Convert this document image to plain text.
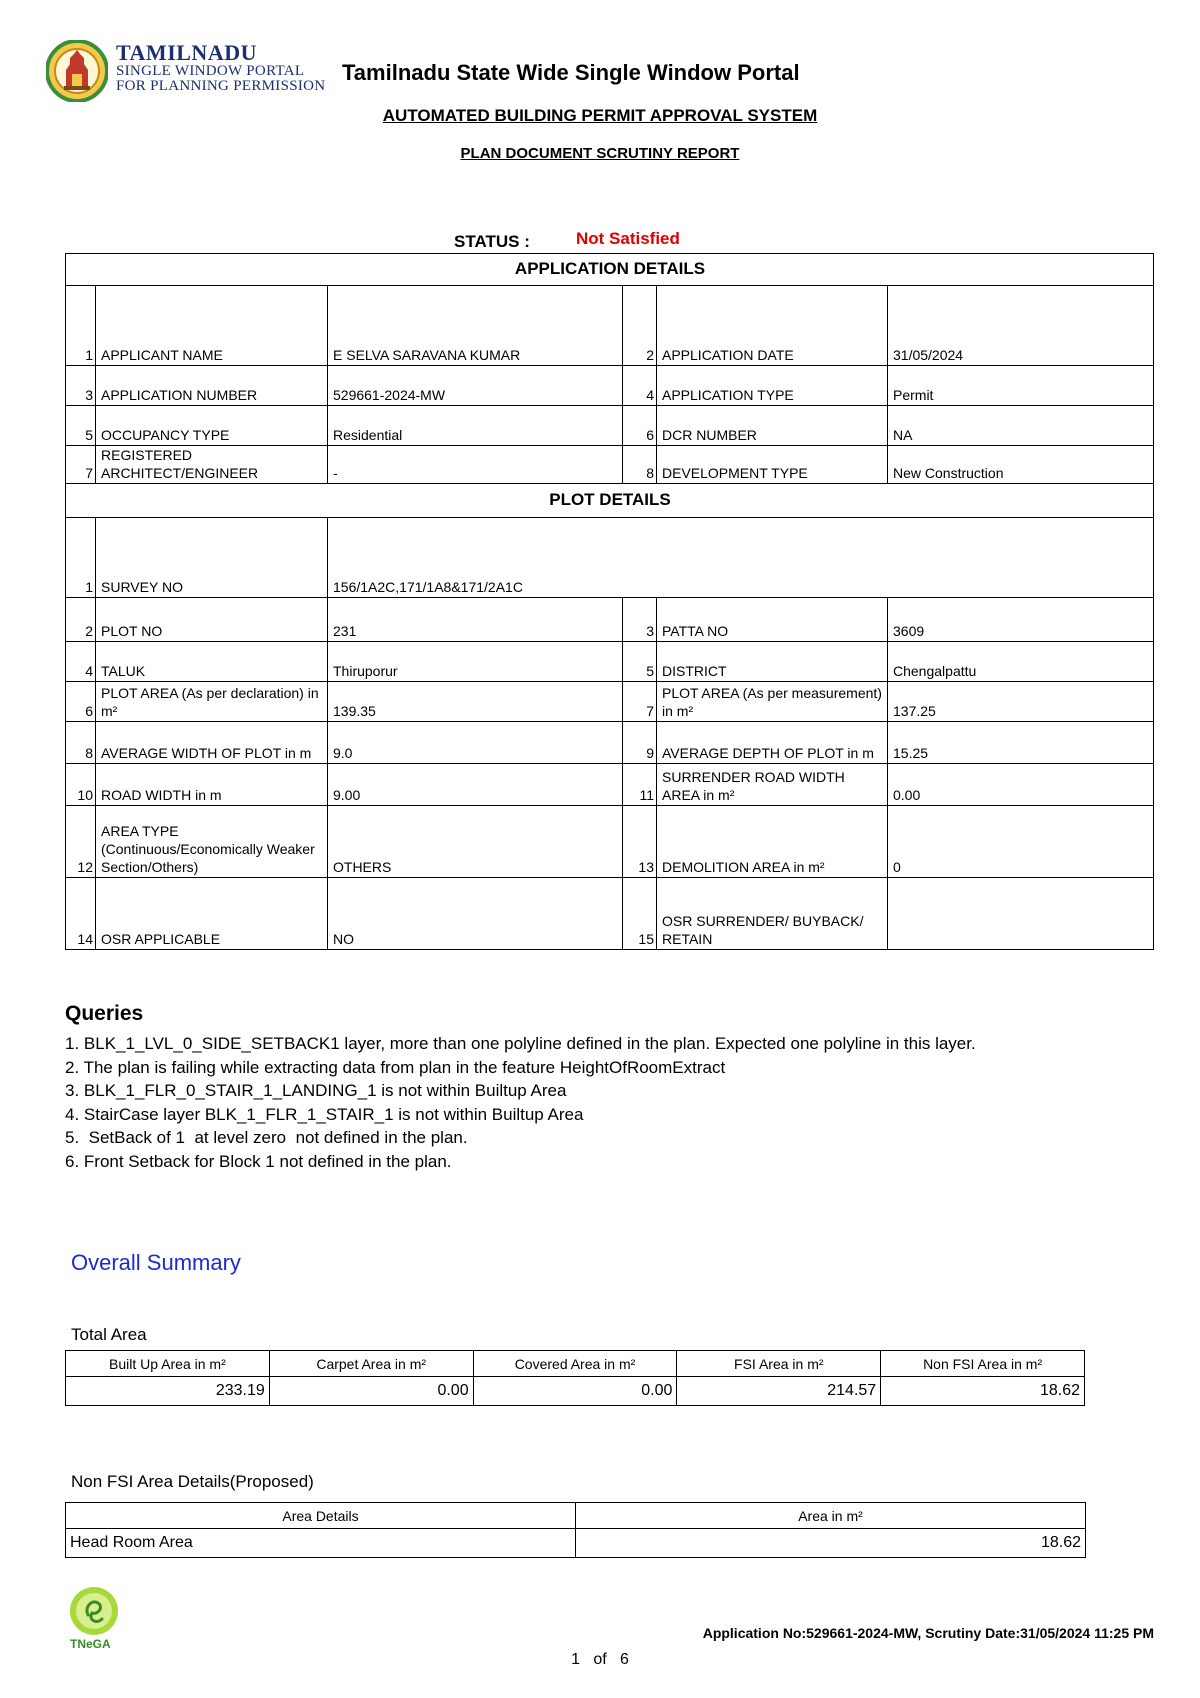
TAMILNADU
SINGLE WINDOW PORTAL
FOR PLANNING PERMISSION
Tamilnadu State Wide Single Window Portal
AUTOMATED BUILDING PERMIT APPROVAL SYSTEM
PLAN DOCUMENT SCRUTINY REPORT
STATUS :	Not Satisfied
APPLICATION DETAILS					
1	APPLICANT NAME	E SELVA SARAVANA KUMAR	2	APPLICATION DATE	31/05/2024
3	APPLICATION NUMBER	529661-2024-MW	4	APPLICATION TYPE	Permit
5	OCCUPANCY TYPE	Residential	6	DCR NUMBER	NA
7	REGISTERED ARCHITECT/ENGINEER	-	8	DEVELOPMENT TYPE	New Construction
PLOT DETAILS					
1	SURVEY NO	156/1A2C,171/1A8&171/2A1C			
2	PLOT NO	231	3	PATTA NO	3609
4	TALUK	Thiruporur	5	DISTRICT	Chengalpattu
6	PLOT AREA (As per declaration) in m²	139.35	7	PLOT AREA (As per measurement) in m²	137.25
8	AVERAGE WIDTH OF PLOT in m	9.0	9	AVERAGE DEPTH OF PLOT in m	15.25
10	ROAD WIDTH in m	9.00	11	SURRENDER ROAD WIDTH AREA in m²	0.00
12	AREA TYPE (Continuous/Economically Weaker Section/Others)	OTHERS	13	DEMOLITION AREA in m²	0
14	OSR APPLICABLE	NO	15	OSR SURRENDER/ BUYBACK/ RETAIN	
Queries
1. BLK_1_LVL_0_SIDE_SETBACK1 layer, more than one polyline defined in the plan. Expected one polyline in this layer.
2. The plan is failing while extracting data from plan in the feature HeightOfRoomExtract
3. BLK_1_FLR_0_STAIR_1_LANDING_1 is not within Builtup Area
4. StairCase layer BLK_1_FLR_1_STAIR_1 is not within Builtup Area
5.  SetBack of 1  at level zero  not defined in the plan.
6. Front Setback for Block 1 not defined in the plan.
Overall Summary
Total Area
Built Up Area in m²	Carpet Area in m²	Covered Area in m²	FSI Area in m²	Non FSI Area in m²
233.19	0.00	0.00	214.57	18.62
Non FSI Area Details(Proposed)
Area Details	Area in m²
Head Room Area	18.62
TNeGA
Application No:529661-2024-MW, Scrutiny Date:31/05/2024 11:25 PM
1   of   6
